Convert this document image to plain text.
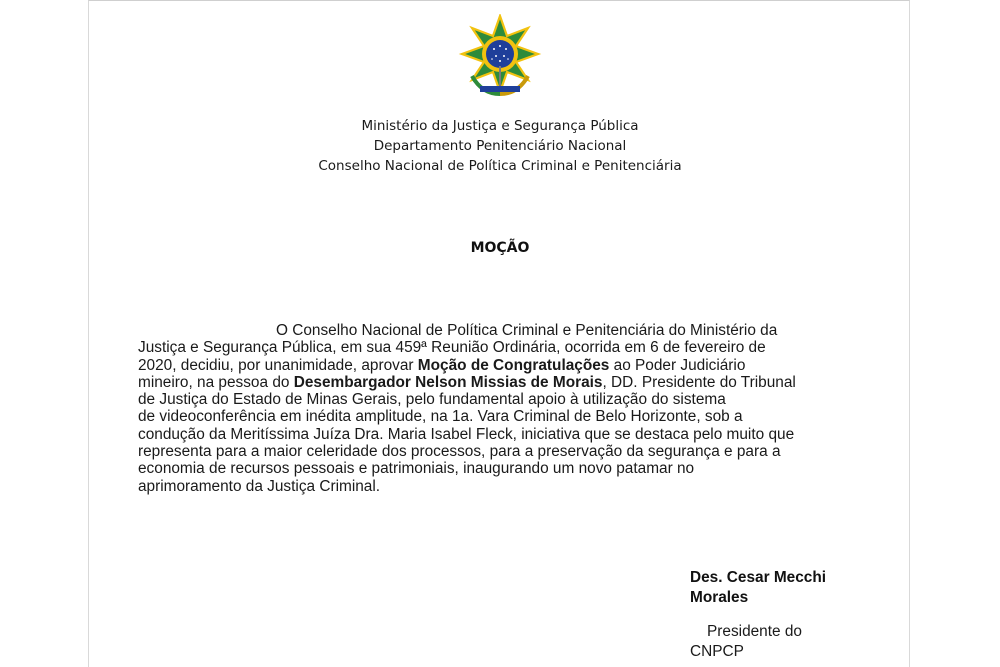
Ministério da Justiça e Segurança Pública
Departamento Penitenciário Nacional
Conselho Nacional de Política Criminal e Penitenciária
MOÇÃO
O Conselho Nacional de Política Criminal e Penitenciária do Ministério da
Justiça e Segurança Pública, em sua 459ª Reunião Ordinária, ocorrida em 6 de fevereiro de
2020, decidiu, por unanimidade, aprovar Moção de Congratulações ao Poder Judiciário
mineiro, na pessoa do Desembargador Nelson Missias de Morais, DD. Presidente do Tribunal
de Justiça do Estado de Minas Gerais, pelo fundamental apoio à utilização do sistema
de videoconferência em inédita amplitude, na 1a. Vara Criminal de Belo Horizonte, sob a
condução da Meritíssima Juíza Dra. Maria Isabel Fleck, iniciativa que se destaca pelo muito que
representa para a maior celeridade dos processos, para a preservação da segurança e para a
economia de recursos pessoais e patrimoniais, inaugurando um novo patamar no
aprimoramento da Justiça Criminal.
Des. Cesar Mecchi
Morales
Presidente do
CNPCP
